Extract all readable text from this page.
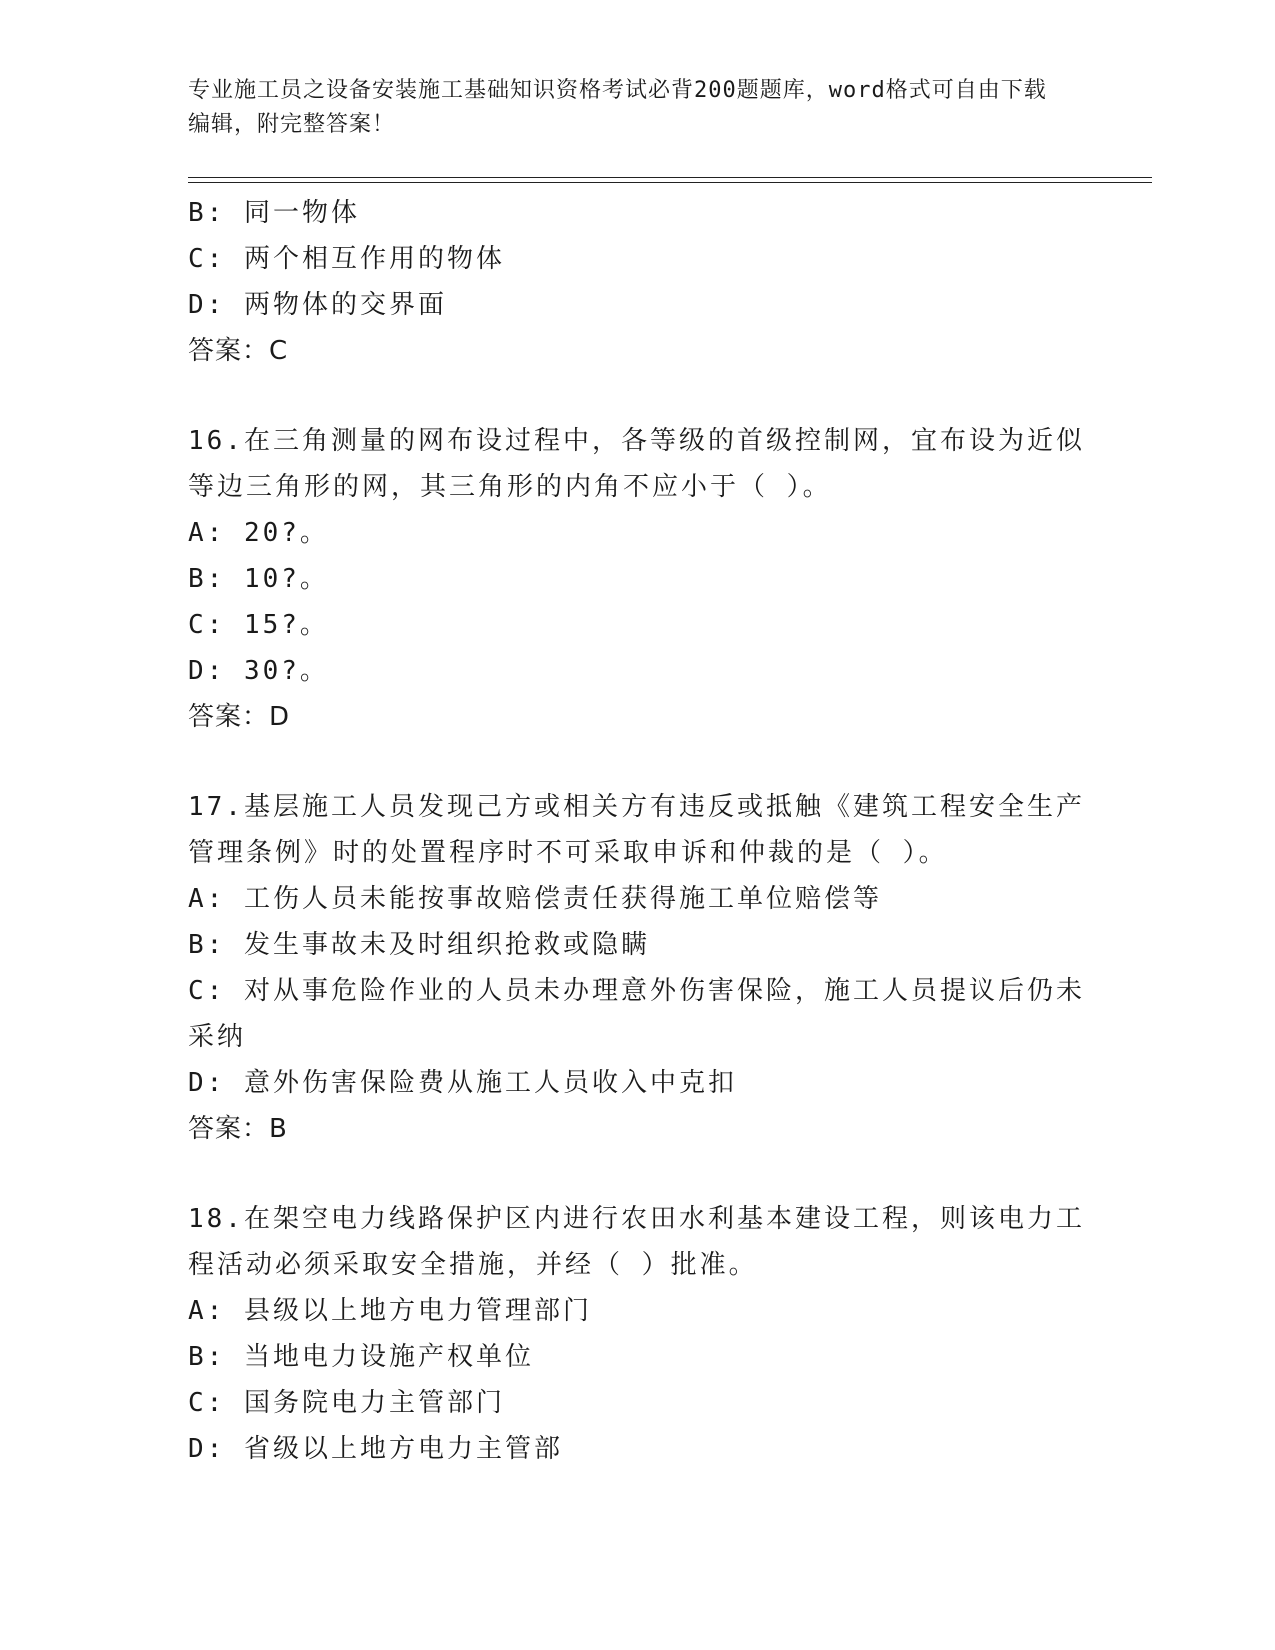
专业施工员之设备安装施工基础知识资格考试必背200题题库，word格式可自由下载编辑，附完整答案！
B: 同一物体
C: 两个相互作用的物体
D: 两物体的交界面
答案：C
16.在三角测量的网布设过程中，各等级的首级控制网，宜布设为近似等边三角形的网，其三角形的内角不应小于（ ）。
A: 20?。
B: 10?。
C: 15?。
D: 30?。
答案：D
17.基层施工人员发现己方或相关方有违反或抵触《建筑工程安全生产管理条例》时的处置程序时不可采取申诉和仲裁的是（ ）。
A: 工伤人员未能按事故赔偿责任获得施工单位赔偿等
B: 发生事故未及时组织抢救或隐瞒
C: 对从事危险作业的人员未办理意外伤害保险，施工人员提议后仍未采纳
D: 意外伤害保险费从施工人员收入中克扣
答案：B
18.在架空电力线路保护区内进行农田水利基本建设工程，则该电力工程活动必须采取安全措施，并经（ ）批准。
A: 县级以上地方电力管理部门
B: 当地电力设施产权单位
C: 国务院电力主管部门
D: 省级以上地方电力主管部
